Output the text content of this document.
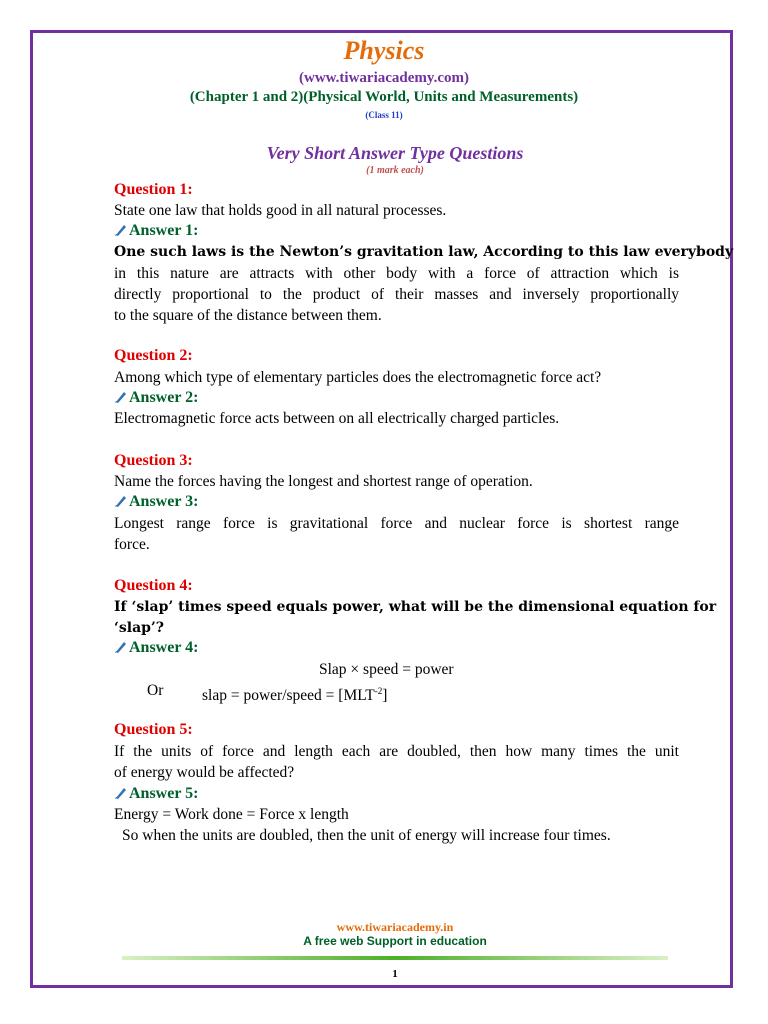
Physics
(www.tiwariacademy.com)
(Chapter 1 and 2)(Physical World, Units and Measurements)
(Class 11)
Very Short Answer Type Questions
(1 mark each)
Question 1:
State one law that holds good in all natural processes.
Answer 1:
One such laws is the Newton’s gravitation law, According to this law everybody
in this nature are attracts with other body with a force of attraction which is
directly proportional to the product of their masses and inversely proportionally
to the square of the distance between them.
Question 2:
Among which type of elementary particles does the electromagnetic force act?
Answer 2:
Electromagnetic force acts between on all electrically charged particles.
Question 3:
Name the forces having the longest and shortest range of operation.
Answer 3:
Longest range force is gravitational force and nuclear force is shortest range
force.
Question 4:
If ‘slap’ times speed equals power, what will be the dimensional equation for
‘slap’?
Answer 4:
Slap × speed = power
Or	slap = power/speed = $[MLT^{-2}]$
Question 5:
If the units of force and length each are doubled, then how many times the unit
of energy would be affected?
Answer 5:
Energy = Work done = Force x length
So when the units are doubled, then the unit of energy will increase four times.
www.tiwariacademy.in
A free web Support in education
1
